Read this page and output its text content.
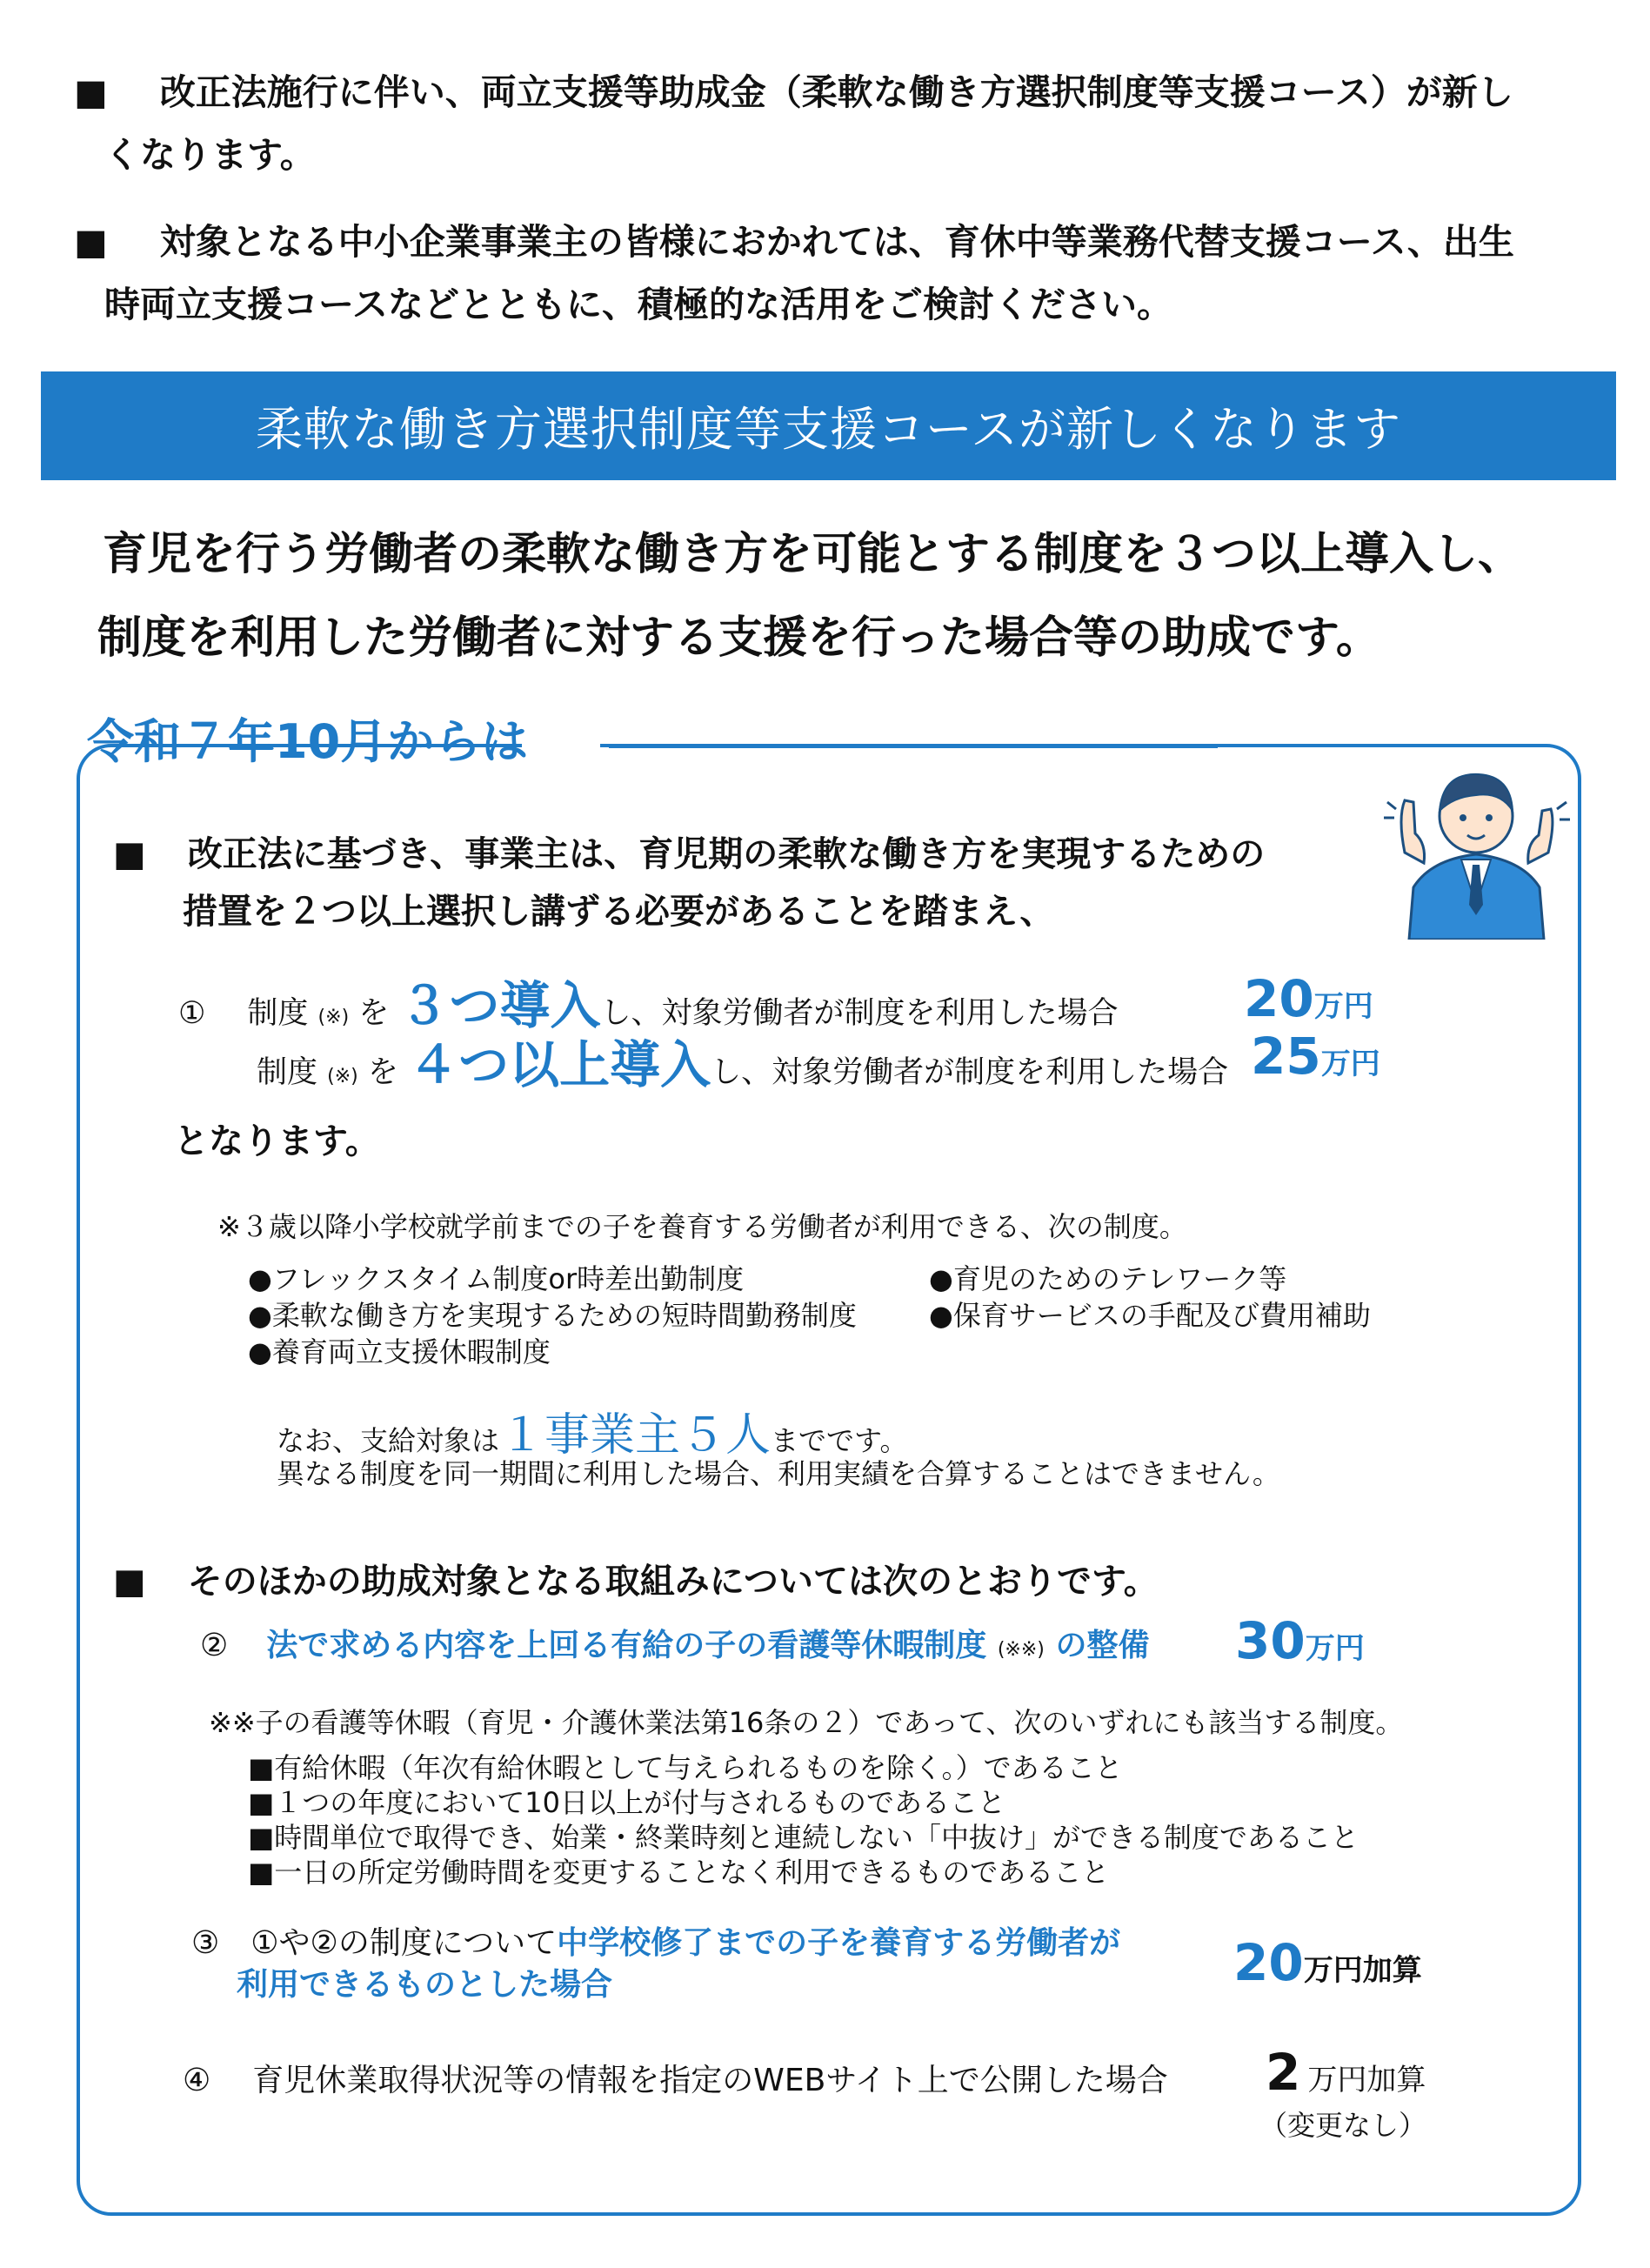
■ 改正法施行に伴い、両立支援等助成金（柔軟な働き方選択制度等支援コース）が新し
くなります。
■ 対象となる中小企業事業主の皆様におかれては、育休中等業務代替支援コース、出生
時両立支援コースなどとともに、積極的な活用をご検討ください。
柔軟な働き方選択制度等支援コースが新しくなります
育児を行う労働者の柔軟な働き方を可能とする制度を３つ以上導入し、
制度を利用した労働者に対する支援を行った場合等の助成です。
令和７年10月からは
■ 改正法に基づき、事業主は、育児期の柔軟な働き方を実現するための
措置を２つ以上選択し講ずる必要があることを踏まえ、
① 制度 (※) を ３つ導入し、対象労働者が制度を利用した場合 20万円
制度 (※) を ４つ以上導入し、対象労働者が制度を利用した場合 25万円
となります。
※３歳以降小学校就学前までの子を養育する労働者が利用できる、次の制度。
●フレックスタイム制度or時差出勤制度
●柔軟な働き方を実現するための短時間勤務制度
●養育両立支援休暇制度
●育児のためのテレワーク等
●保育サービスの手配及び費用補助
なお、支給対象は１事業主５人までです。
異なる制度を同一期間に利用した場合、利用実績を合算することはできません。
■ そのほかの助成対象となる取組みについては次のとおりです。
② 法で求める内容を上回る有給の子の看護等休暇制度 (※※) の整備 30万円
※※子の看護等休暇（育児・介護休業法第16条の２）であって、次のいずれにも該当する制度。
■有給休暇（年次有給休暇として与えられるものを除く。）であること
■１つの年度において10日以上が付与されるものであること
■時間単位で取得でき、始業・終業時刻と連続しない「中抜け」ができる制度であること
■一日の所定労働時間を変更することなく利用できるものであること
③ ①や②の制度について中学校修了までの子を養育する労働者が
利用できるものとした場合	20万円加算
④ 育児休業取得状況等の情報を指定のWEBサイト上で公開した場合 2 万円加算
（変更なし）
